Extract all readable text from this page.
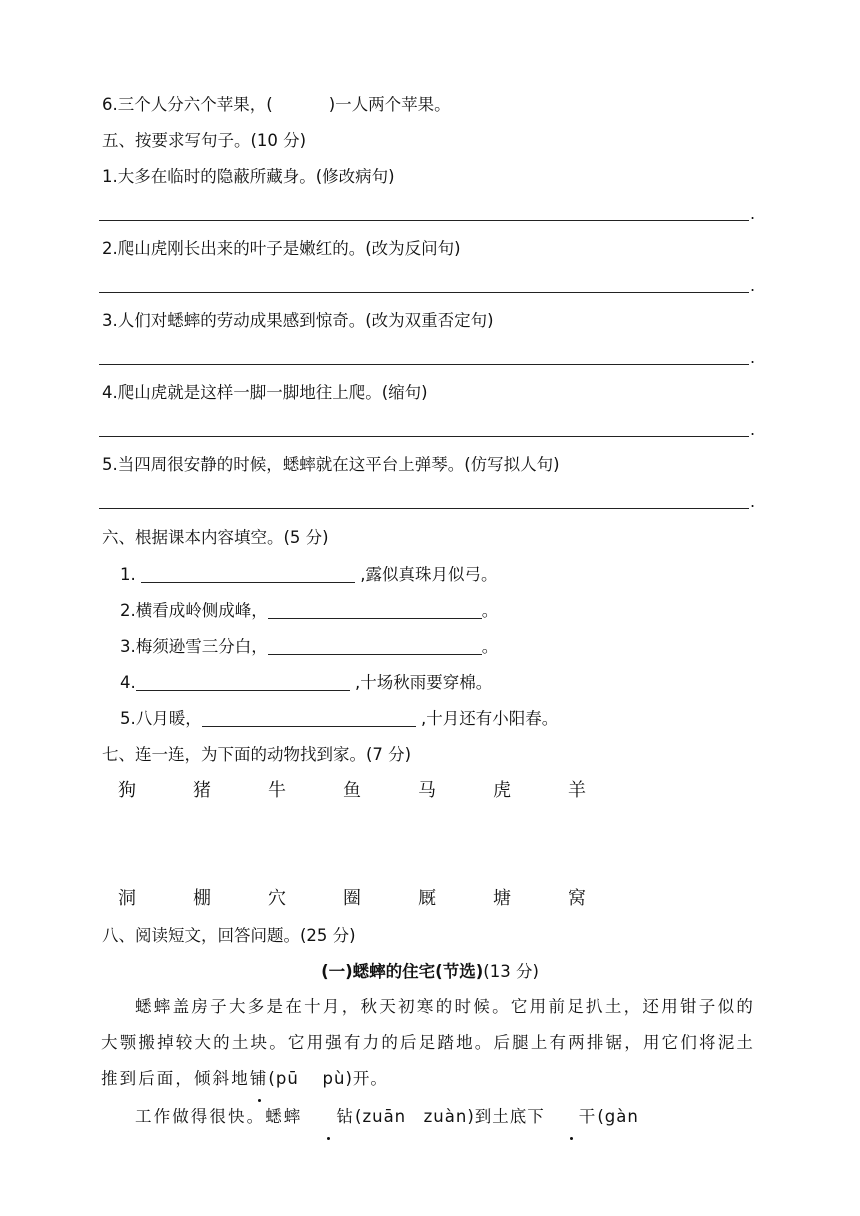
6.三个人分六个苹果，(	)一人两个苹果。
五、按要求写句子。(10 分)
1.大多在临时的隐蔽所藏身。(修改病句)
.
2.爬山虎刚长出来的叶子是嫩红的。(改为反问句)
.
3.人们对蟋蟀的劳动成果感到惊奇。(改为双重否定句)
.
4.爬山虎就是这样一脚一脚地往上爬。(缩句)
.
5.当四周很安静的时候，蟋蟀就在这平台上弹琴。(仿写拟人句)
.
六、根据课本内容填空。(5 分)
1.	,露似真珠月似弓。
2.横看成岭侧成峰，	。
3.梅须逊雪三分白，	。
4.	,十场秋雨要穿棉。
5.八月暖，	,十月还有小阳春。
七、连一连，为下面的动物找到家。(7 分)
狗	猪	牛	鱼	马	虎	羊
洞	棚	穴	圈	厩	塘	窝
八、阅读短文，回答问题。(25 分)
(一)蟋蟀的住宅(节选)(13 分)
蟋蟀盖房子大多是在十月，秋天初寒的时候。它用前足扒土，还用钳子似的
大颚搬掉较大的土块。它用强有力的后足踏地。后腿上有两排锯，用它们将泥土
推到后面，倾斜地铺(pū　 pù)开。
工作做得很快。蟋蟀 钻(zuān　zuàn)到土底下 干(gàn
